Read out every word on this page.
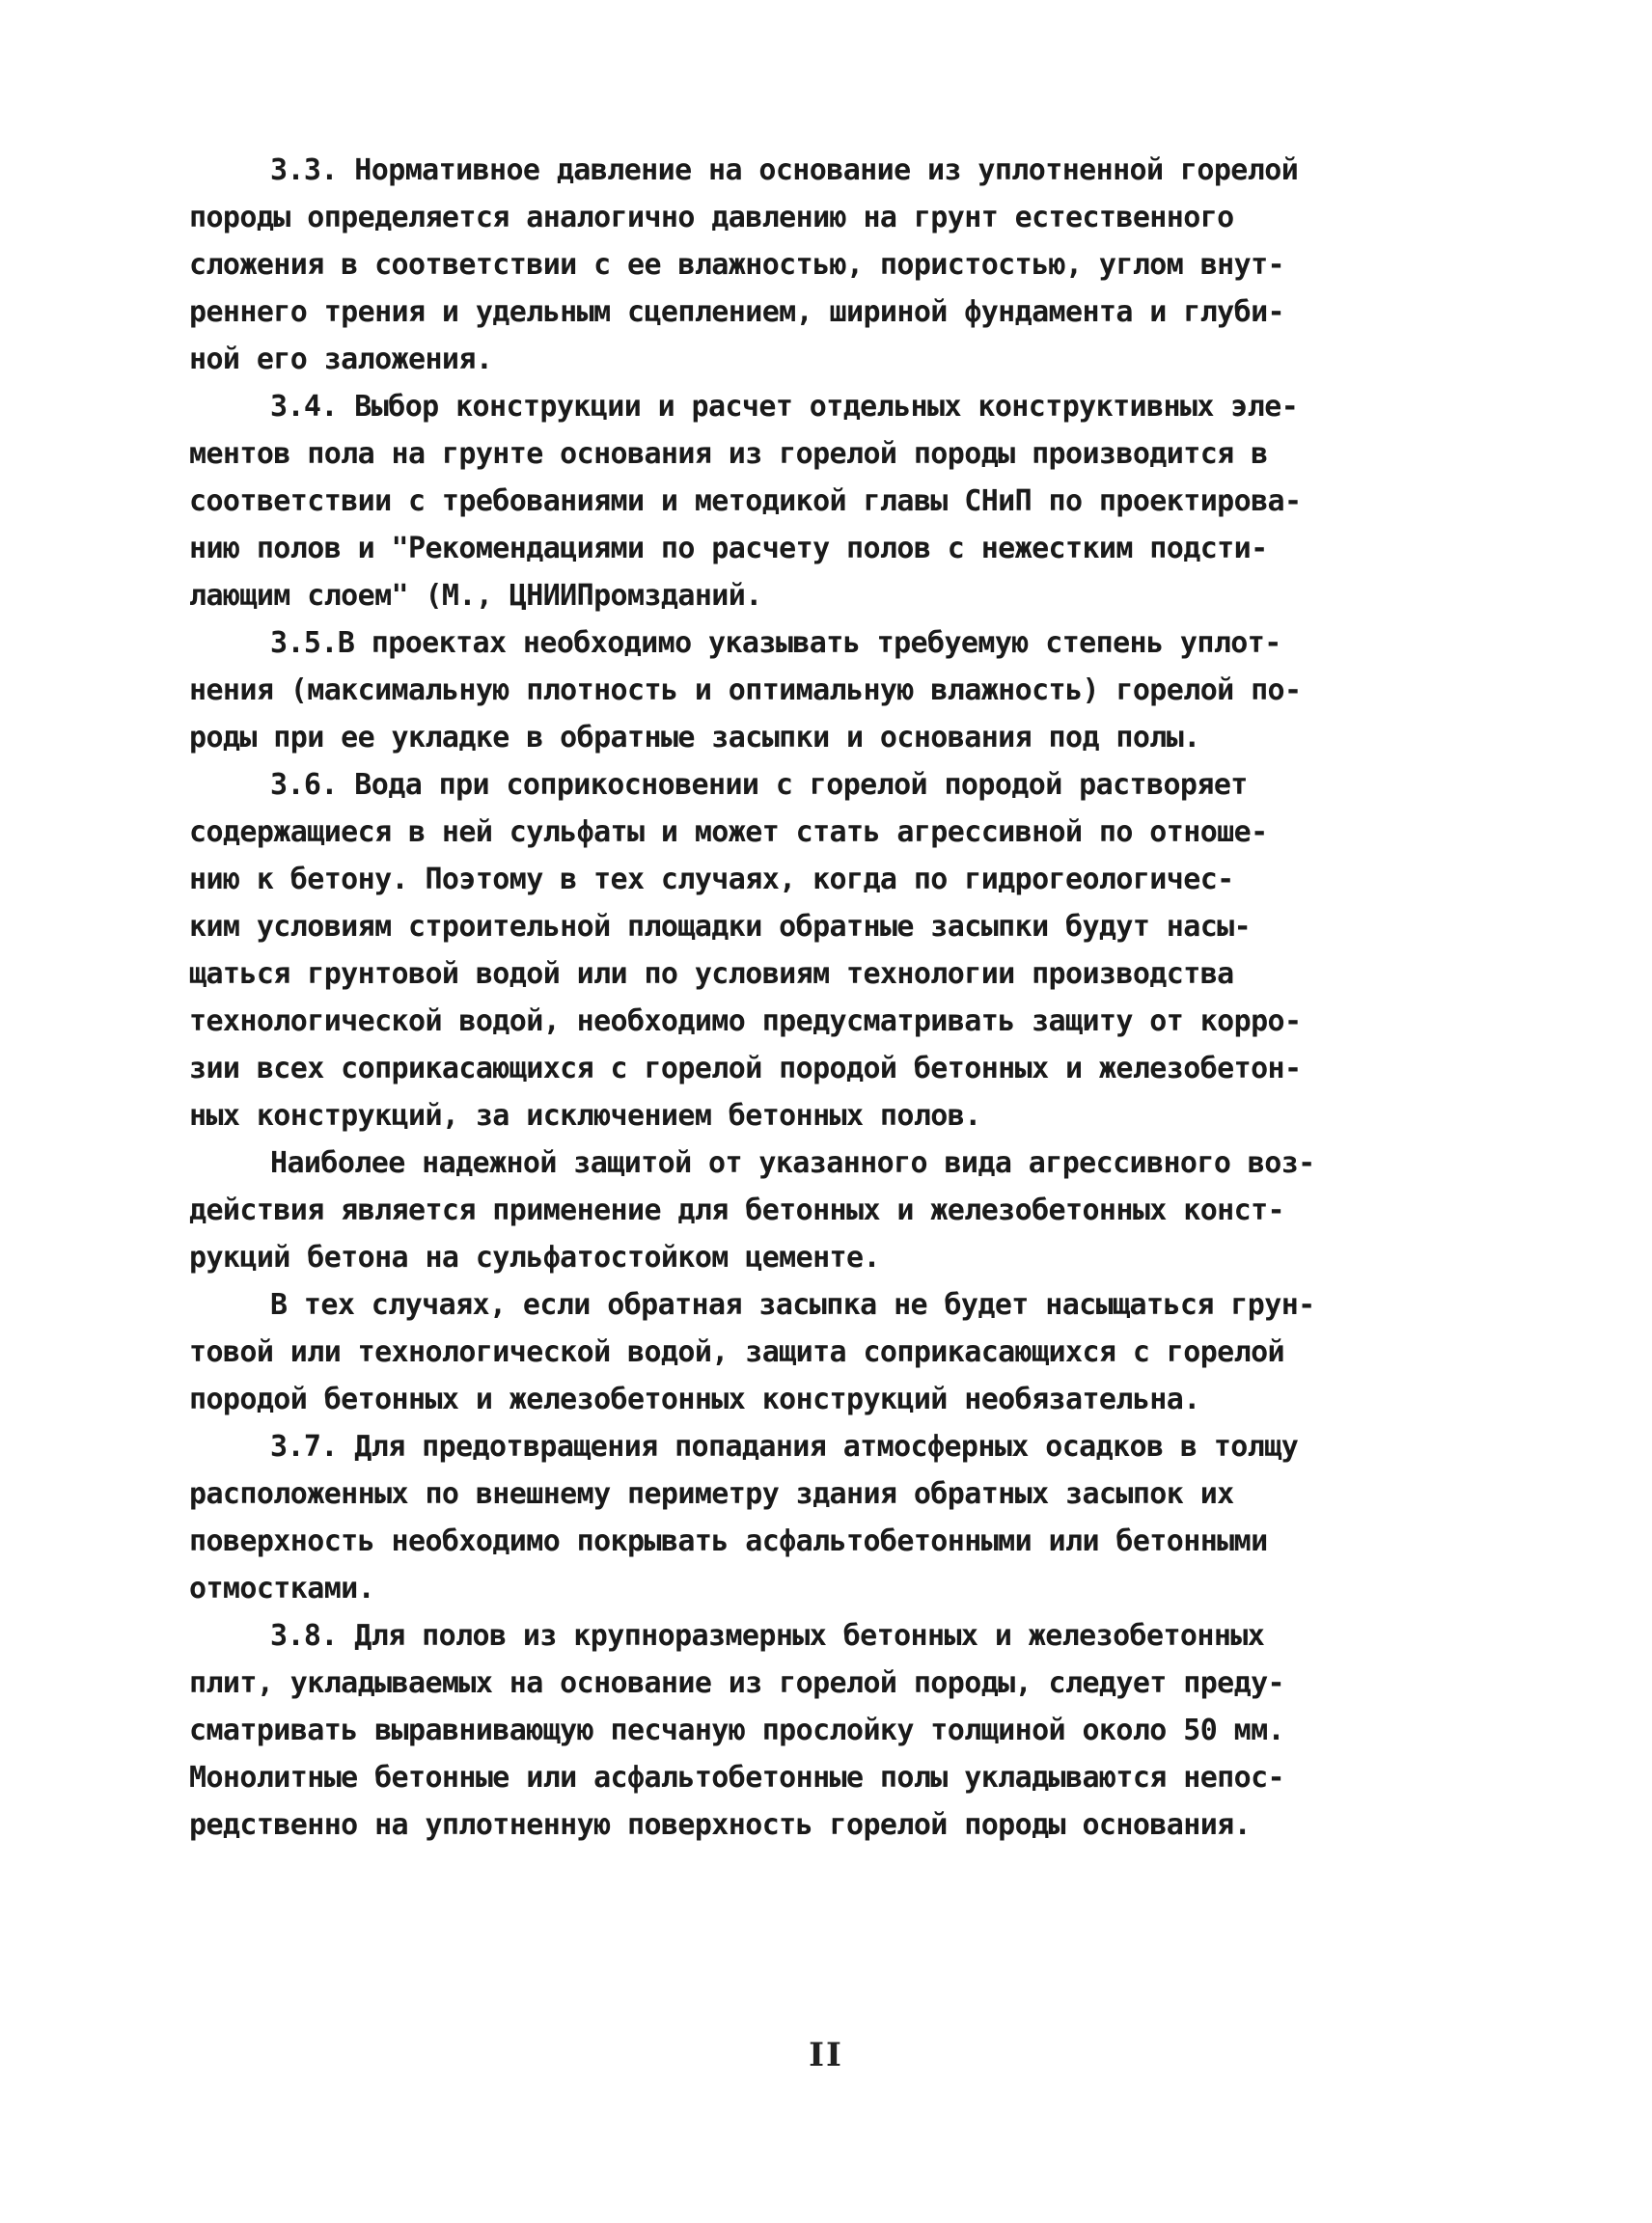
3.3. Нормативное давление на основание из уплотненной горелой
породы определяется аналогично давлению на грунт естественного
сложения в соответствии с ее влажностью, пористостью, углом внут-
реннего трения и удельным сцеплением, шириной фундамента и глуби-
ной его заложения.

3.4. Выбор конструкции и расчет отдельных конструктивных эле-
ментов пола на грунте основания из горелой породы производится в
соответствии с требованиями и методикой главы СНиП по проектирова-
нию полов и "Рекомендациями по расчету полов с нежестким подсти-
лающим слоем" (М., ЦНИИПромзданий.

3.5.В проектах необходимо указывать требуемую степень уплот-
нения (максимальную плотность и оптимальную влажность) горелой по-
роды при ее укладке в обратные засыпки и основания под полы.

3.6. Вода при соприкосновении с горелой породой растворяет
содержащиеся в ней сульфаты и может стать агрессивной по отноше-
нию к бетону. Поэтому в тех случаях, когда по гидрогеологичес-
ким условиям строительной площадки обратные засыпки будут насы-
щаться грунтовой водой или по условиям технологии производства
технологической водой, необходимо предусматривать защиту от корро-
зии всех соприкасающихся с горелой породой бетонных и железобетон-
ных конструкций, за исключением бетонных полов.

Наиболее надежной защитой от указанного вида агрессивного воз-
действия является применение для бетонных и железобетонных конст-
рукций бетона на сульфатостойком цементе.

В тех случаях, если обратная засыпка не будет насыщаться грун-
товой или технологической водой, защита соприкасающихся с горелой
породой бетонных и железобетонных конструкций необязательна.

3.7. Для предотвращения попадания атмосферных осадков в толщу
расположенных по внешнему периметру здания обратных засыпок их
поверхность необходимо покрывать асфальтобетонными или бетонными
отмостками.

3.8. Для полов из крупноразмерных бетонных и железобетонных
плит, укладываемых на основание из горелой породы, следует преду-
сматривать выравнивающую песчаную прослойку толщиной около 50 мм.
Монолитные бетонные или асфальтобетонные полы укладываются непос-
редственно на уплотненную поверхность горелой породы основания.

II
